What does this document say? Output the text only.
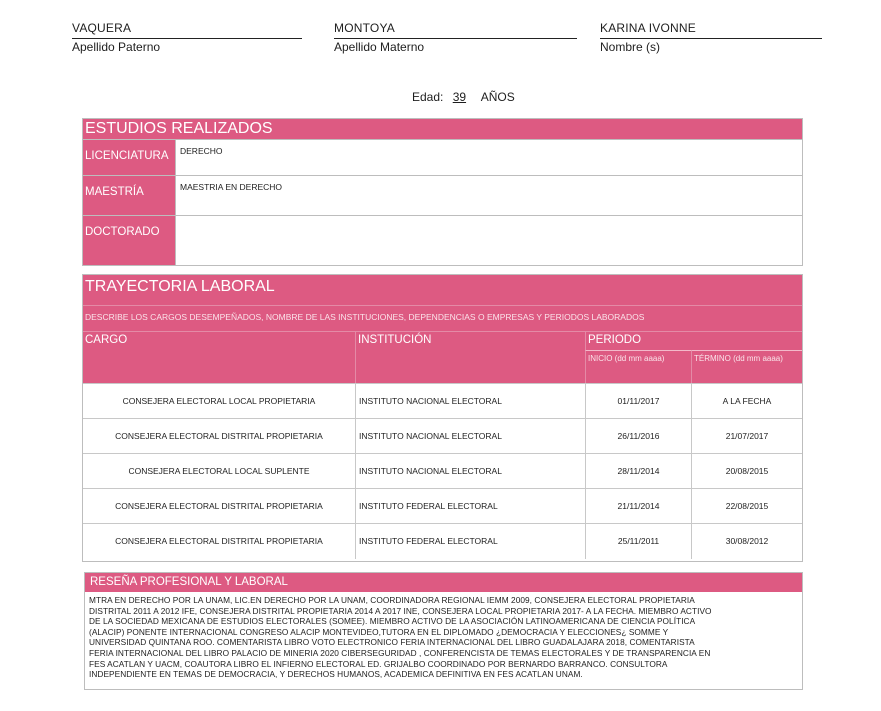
VAQUERA
Apellido Paterno
MONTOYA
Apellido Materno
KARINA IVONNE
Nombre (s)
Edad: 39 AÑOS
ESTUDIOS REALIZADOS
LICENCIATURA	DERECHO
MAESTRÍA	MAESTRIA EN DERECHO
DOCTORADO
TRAYECTORIA LABORAL
DESCRIBE LOS CARGOS DESEMPEÑADOS, NOMBRE DE LAS INSTITUCIONES, DEPENDENCIAS O EMPRESAS Y PERIODOS LABORADOS
CARGO	INSTITUCIÓN	PERIODO
INICIO (dd mm aaaa)	TÉRMINO (dd mm aaaa)
CONSEJERA ELECTORAL LOCAL PROPIETARIA	INSTITUTO NACIONAL ELECTORAL	01/11/2017	A LA FECHA
CONSEJERA ELECTORAL DISTRITAL PROPIETARIA	INSTITUTO NACIONAL ELECTORAL	26/11/2016	21/07/2017
CONSEJERA ELECTORAL LOCAL SUPLENTE	INSTITUTO NACIONAL ELECTORAL	28/11/2014	20/08/2015
CONSEJERA ELECTORAL DISTRITAL PROPIETARIA	INSTITUTO FEDERAL ELECTORAL	21/11/2014	22/08/2015
CONSEJERA ELECTORAL DISTRITAL PROPIETARIA	INSTITUTO FEDERAL ELECTORAL	25/11/2011	30/08/2012
RESEÑA PROFESIONAL Y LABORAL
MTRA EN DERECHO POR LA UNAM, LIC.EN DERECHO POR LA UNAM, COORDINADORA REGIONAL IEMM 2009, CONSEJERA ELECTORAL PROPIETARIA
DISTRITAL 2011 A 2012 IFE, CONSEJERA DISTRITAL PROPIETARIA 2014 A 2017 INE, CONSEJERA LOCAL PROPIETARIA 2017- A LA FECHA. MIEMBRO ACTIVO
DE LA SOCIEDAD MEXICANA DE ESTUDIOS ELECTORALES (SOMEE). MIEMBRO ACTIVO DE LA ASOCIACIÓN LATINOAMERICANA DE CIENCIA POLÍTICA
(ALACIP) PONENTE INTERNACIONAL CONGRESO ALACIP MONTEVIDEO,TUTORA EN EL DIPLOMADO ¿DEMOCRACIA Y ELECCIONES¿ SOMME Y
UNIVERSIDAD QUINTANA ROO. COMENTARISTA LIBRO VOTO ELECTRONICO FERIA INTERNACIONAL DEL LIBRO GUADALAJARA 2018, COMENTARISTA
FERIA INTERNACIONAL DEL LIBRO PALACIO DE MINERIA 2020 CIBERSEGURIDAD , CONFERENCISTA DE TEMAS ELECTORALES Y DE TRANSPARENCIA EN
FES ACATLAN Y UACM, COAUTORA LIBRO EL INFIERNO ELECTORAL ED. GRIJALBO COORDINADO POR BERNARDO BARRANCO. CONSULTORA
INDEPENDIENTE EN TEMAS DE DEMOCRACIA, Y DERECHOS HUMANOS, ACADEMICA DEFINITIVA EN FES ACATLAN UNAM.
